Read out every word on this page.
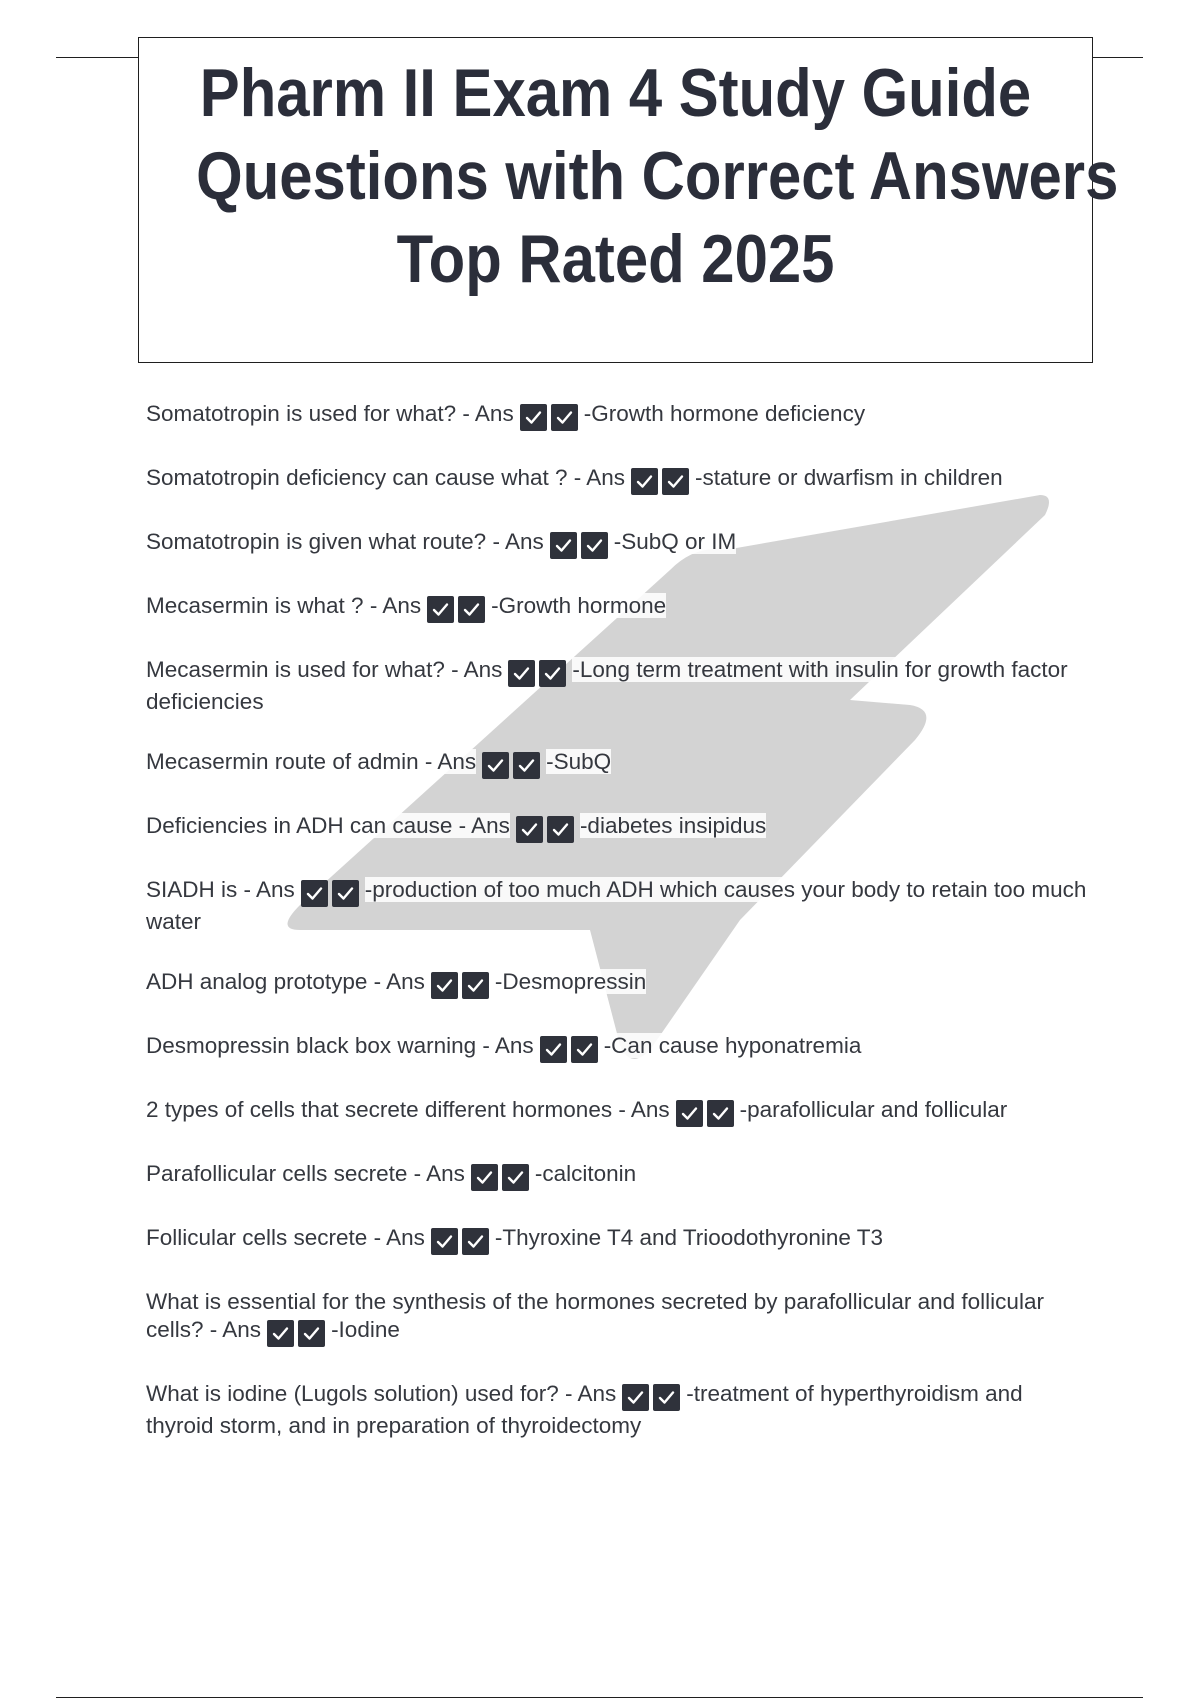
Pharm II Exam 4 Study Guide
Questions with Correct Answers
Top Rated 2025

Somatotropin is used for what? - Ans	-Growth hormone deficiency

Somatotropin deficiency can cause what ? - Ans	-stature or dwarfism in children

Somatotropin is given what route? - Ans	-SubQ or IM

Mecasermin is what ? - Ans	-Growth hormone

Mecasermin is used for what? - Ans	-Long term treatment with insulin for growth factor deficiencies

Mecasermin route of admin - Ans	-SubQ

Deficiencies in ADH can cause - Ans	-diabetes insipidus

SIADH is - Ans	-production of too much ADH which causes your body to retain too much water

ADH analog prototype - Ans	-Desmopressin

Desmopressin black box warning - Ans	-Can cause hyponatremia

2 types of cells that secrete different hormones - Ans	-parafollicular and follicular

Parafollicular cells secrete - Ans	-calcitonin

Follicular cells secrete - Ans	-Thyroxine T4 and Trioodothyronine T3

What is essential for the synthesis of the hormones secreted by parafollicular and follicular cells? - Ans	-Iodine

What is iodine (Lugols solution) used for? - Ans	-treatment of hyperthyroidism and thyroid storm, and in preparation of thyroidectomy
